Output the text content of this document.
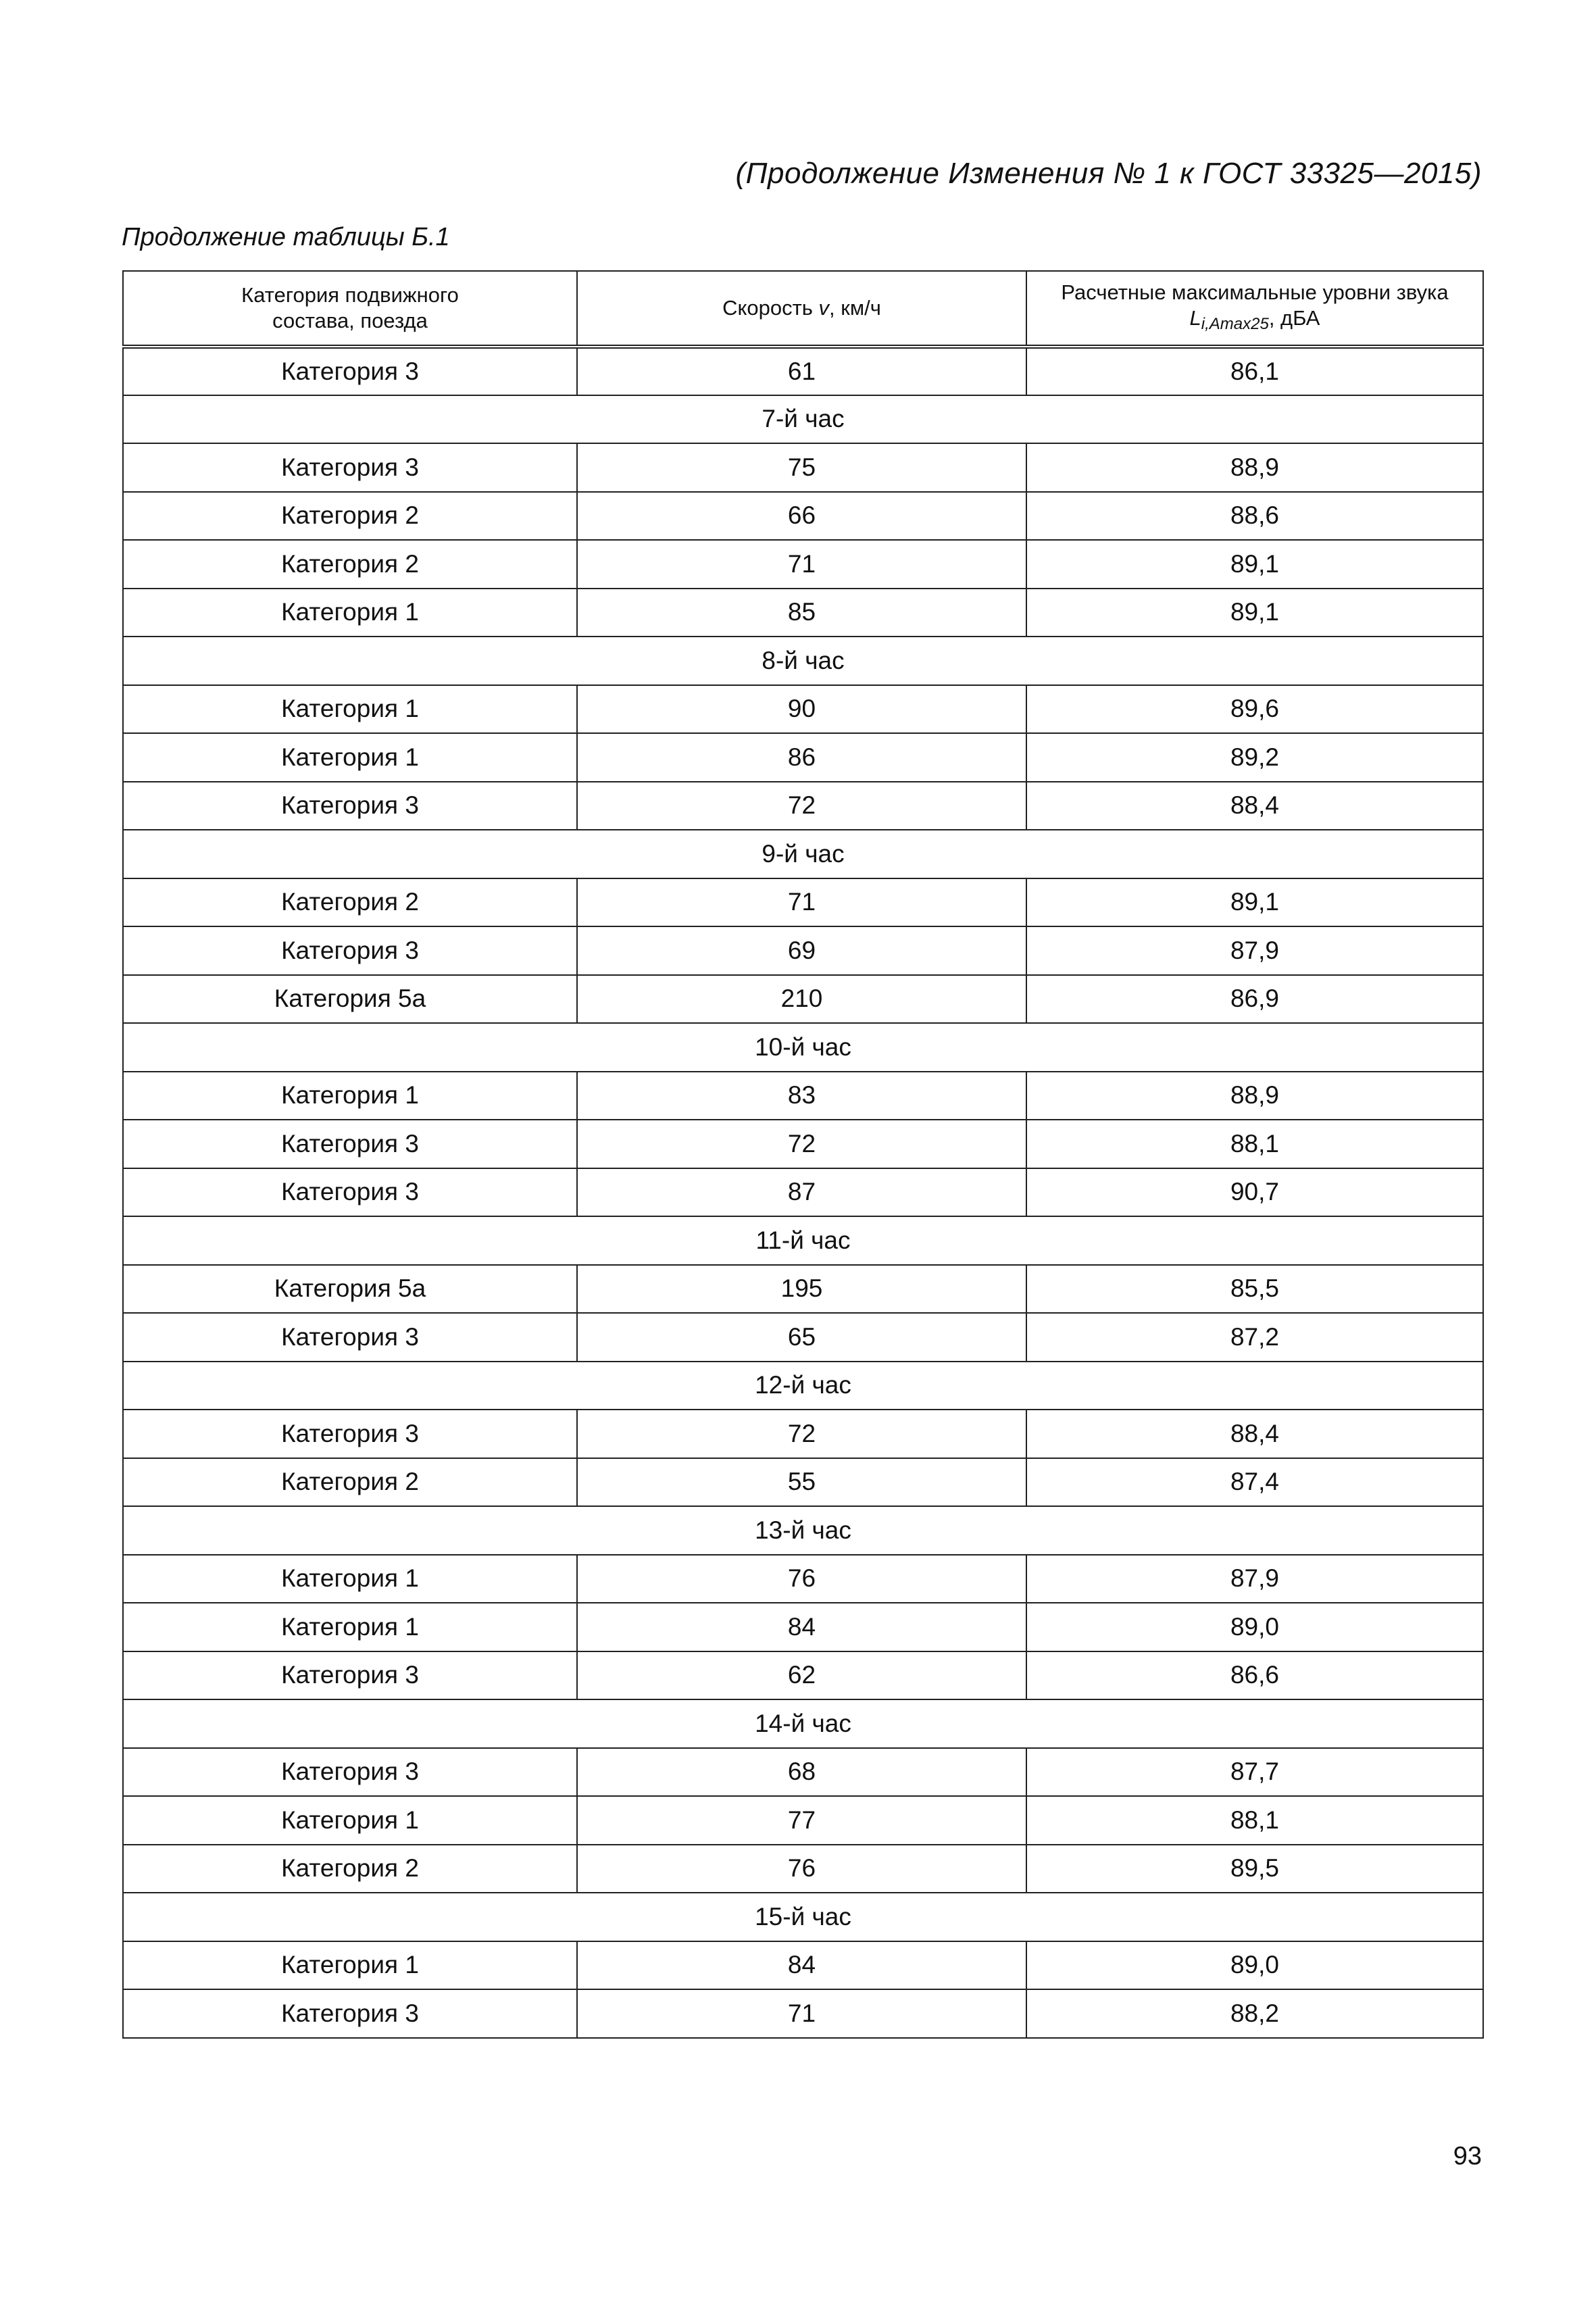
(Продолжение Изменения № 1 к ГОСТ 33325—2015)
Продолжение таблицы Б.1
Категория подвижного состава, поезда	Скорость v, км/ч	Расчетные максимальные уровни звука
$L_{i,Amax25}$, дБА

Категория 3	61	86,1
7-й час		
Категория 3	75	88,9
Категория 2	66	88,6
Категория 2	71	89,1
Категория 1	85	89,1
8-й час		
Категория 1	90	89,6
Категория 1	86	89,2
Категория 3	72	88,4
9-й час		
Категория 2	71	89,1
Категория 3	69	87,9
Категория 5а	210	86,9
10-й час		
Категория 1	83	88,9
Категория 3	72	88,1
Категория 3	87	90,7
11-й час		
Категория 5а	195	85,5
Категория 3	65	87,2
12-й час		
Категория 3	72	88,4
Категория 2	55	87,4
13-й час		
Категория 1	76	87,9
Категория 1	84	89,0
Категория 3	62	86,6
14-й час		
Категория 3	68	87,7
Категория 1	77	88,1
Категория 2	76	89,5
15-й час		
Категория 1	84	89,0
Категория 3	71	88,2
93
